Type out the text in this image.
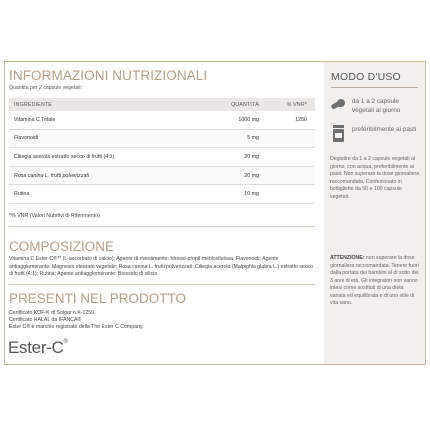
INFORMAZIONI NUTRIZIONALI
Quantità per 2 capsule vegetali:
INGREDIENTE	QUANTITÀ	% VNR*
Vitamina C Totale	1000 mg	1250
Flavonoidi	5 mg
Ciliegia acerola estratto secco di frutti (4:1)	20 mg
Rosa canina L. frutti polverizzati	20 mg
Rutina	10 mg
*% VNR (Valori Nutritivi di Riferimento)
COMPOSIZIONE
Vitamina C Ester-C®** (L-ascorbato di calcio); Agente di rivestimento: Idrossi-propil-metilcellulosa; Flavonoidi; Agente antiagglomerante: Magnesio stearato vegetale; Rosa canina L. frutti polverizzati; Ciliegia acerola (Malpighia glabra L.) estratto secco di frutti (4:1); Rutina; Agente antiagglomerante: Biossido di silicio.
PRESENTI NEL PRODOTTO
Certificato KOF-K di Solgar n.K-1250.
Certificato HALAL da IFANCA®
Ester C® è marchio registrato della The Ester C Company.
Ester-C®
MODO D'USO
da 1 a 2 capsule vegetali al giorno
preferibilmente ai pasti
Deglutire da 1 a 2 capsule vegetali al giorno, con acqua, preferibilmente ai pasti. Non superare la dose giornaliera raccomandata. Confezionato in bottigliette da 50 e 100 capsule vegetali.
ATTENZIONE: non superare la dose giornaliera raccomandata. Tenere fuori dalla portata dei bambini al di sotto dei 3 anni di età. Gli integratori non vanno intesi come sostituti di una dieta variata ed equilibrata e di uno stile di vita sano.
